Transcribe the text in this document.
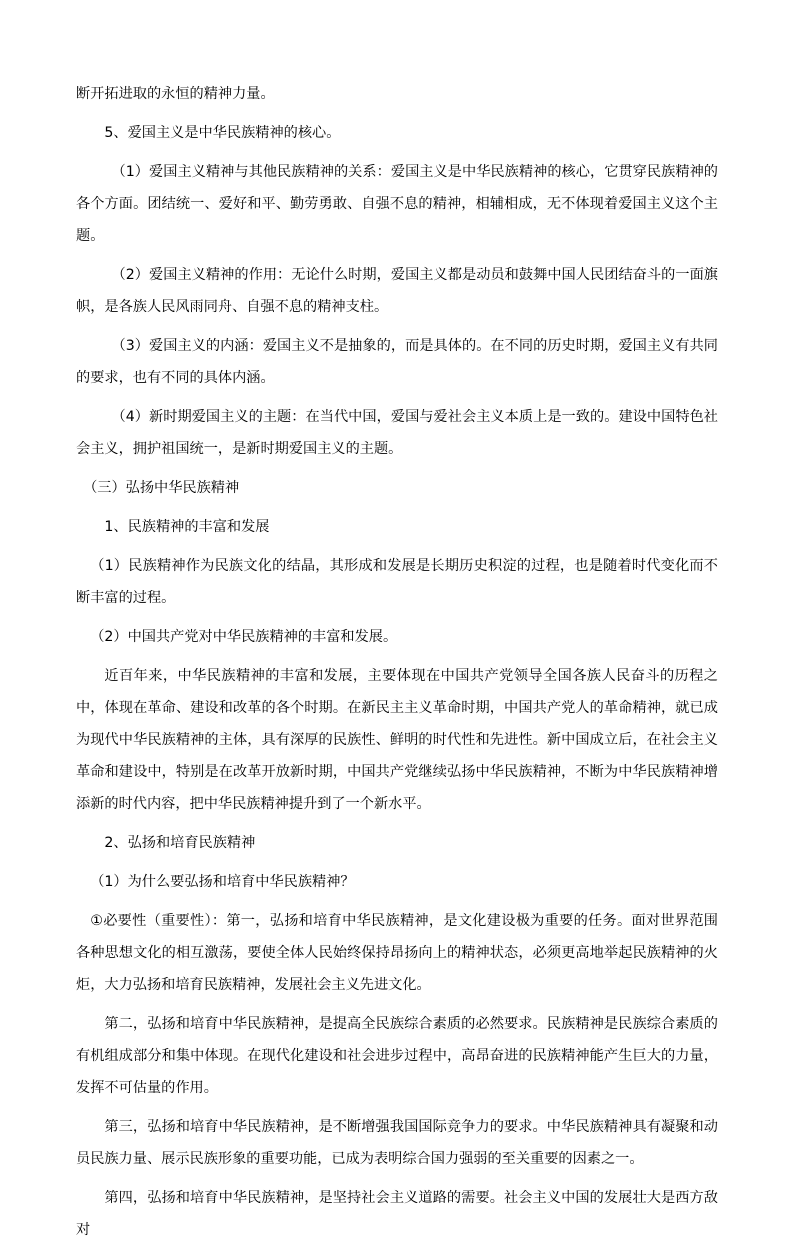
断开拓进取的永恒的精神力量。

5、爱国主义是中华民族精神的核心。

（1）爱国主义精神与其他民族精神的关系：爱国主义是中华民族精神的核心，它贯穿民族精神的各个方面。团结统一、爱好和平、勤劳勇敢、自强不息的精神，相辅相成，无不体现着爱国主义这个主题。

（2）爱国主义精神的作用：无论什么时期，爱国主义都是动员和鼓舞中国人民团结奋斗的一面旗帜，是各族人民风雨同舟、自强不息的精神支柱。

（3）爱国主义的内涵：爱国主义不是抽象的，而是具体的。在不同的历史时期，爱国主义有共同的要求，也有不同的具体内涵。

（4）新时期爱国主义的主题：在当代中国，爱国与爱社会主义本质上是一致的。建设中国特色社会主义，拥护祖国统一，是新时期爱国主义的主题。

（三）弘扬中华民族精神

1、民族精神的丰富和发展

（1）民族精神作为民族文化的结晶，其形成和发展是长期历史积淀的过程，也是随着时代变化而不断丰富的过程。

（2）中国共产党对中华民族精神的丰富和发展。

近百年来，中华民族精神的丰富和发展，主要体现在中国共产党领导全国各族人民奋斗的历程之中，体现在革命、建设和改革的各个时期。在新民主主义革命时期，中国共产党人的革命精神，就已成为现代中华民族精神的主体，具有深厚的民族性、鲜明的时代性和先进性。新中国成立后，在社会主义革命和建设中，特别是在改革开放新时期，中国共产党继续弘扬中华民族精神，不断为中华民族精神增添新的时代内容，把中华民族精神提升到了一个新水平。

2、弘扬和培育民族精神

（1）为什么要弘扬和培育中华民族精神？

①必要性（重要性）：第一，弘扬和培育中华民族精神，是文化建设极为重要的任务。面对世界范围各种思想文化的相互激荡，要使全体人民始终保持昂扬向上的精神状态，必须更高地举起民族精神的火炬，大力弘扬和培育民族精神，发展社会主义先进文化。

第二，弘扬和培育中华民族精神，是提高全民族综合素质的必然要求。民族精神是民族综合素质的有机组成部分和集中体现。在现代化建设和社会进步过程中，高昂奋进的民族精神能产生巨大的力量，发挥不可估量的作用。

第三，弘扬和培育中华民族精神，是不断增强我国国际竞争力的要求。中华民族精神具有凝聚和动员民族力量、展示民族形象的重要功能，已成为表明综合国力强弱的至关重要的因素之一。

第四，弘扬和培育中华民族精神，是坚持社会主义道路的需要。社会主义中国的发展壮大是西方敌对
